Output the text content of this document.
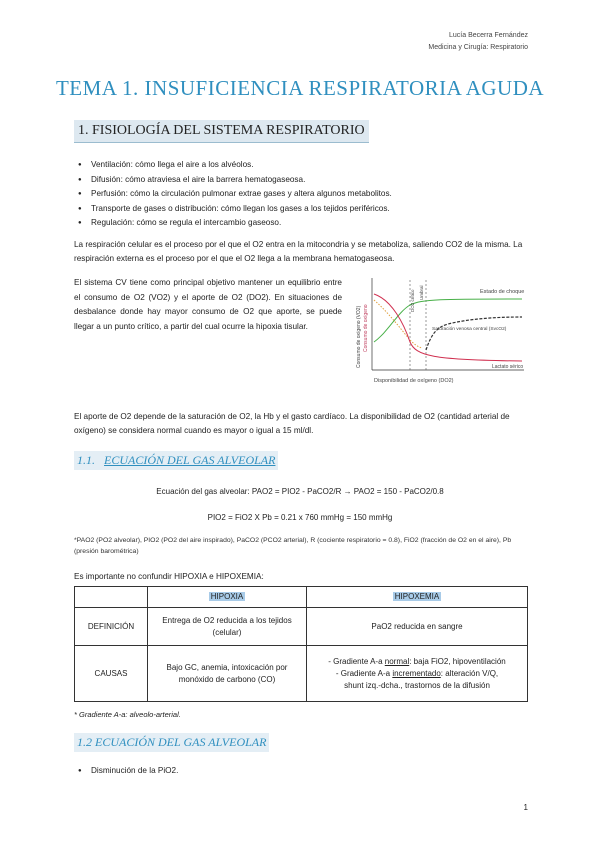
Lucía Becerra Fernández
Medicina y Cirugía: Respiratorio
TEMA 1. INSUFICIENCIA RESPIRATORIA AGUDA
1. FISIOLOGÍA DEL SISTEMA RESPIRATORIO
● Ventilación: cómo llega el aire a los alvéolos.
● Difusión: cómo atraviesa el aire la barrera hematogaseosa.
● Perfusión: cómo la circulación pulmonar extrae gases y altera algunos metabolitos.
● Transporte de gases o distribución: cómo llegan los gases a los tejidos periféricos.
● Regulación: cómo se regula el intercambio gaseoso.
La respiración celular es el proceso por el que el O2 entra en la mitocondria y se metaboliza, saliendo CO2 de la misma. La respiración externa es el proceso por el que el O2 llega a la membrana hematogaseosa.
El sistema CV tiene como principal objetivo mantener un equilibrio entre el consumo de O2 (VO2) y el aporte de O2 (DO2). En situaciones de desbalance donde hay mayor consumo de O2 que aporte, se puede llegar a un punto crítico, a partir del cual ocurre la hipoxia tisular.
Estado de choque
Saturación venosa central (SvcO2)
Lactato sérico
Disponibilidad de oxígeno (DO2)
Consumo de oxígeno (VO2) Consumo de oxígeno
DO2 crítico Umbral
El aporte de O2 depende de la saturación de O2, la Hb y el gasto cardíaco. La disponibilidad de O2 (cantidad arterial de oxígeno) se considera normal cuando es mayor o igual a 15 ml/dl.
1.1. ECUACIÓN DEL GAS ALVEOLAR
Ecuación del gas alveolar: PAO2 = PIO2 - PaCO2/R → PAO2 = 150 - PaCO2/0.8
PIO2 = FiO2 X Pb = 0.21 x 760 mmHg = 150 mmHg
*PAO2 (PO2 alveolar), PIO2 (PO2 del aire inspirado), PaCO2 (PCO2 arterial), R (cociente respiratorio = 0.8), FiO2 (fracción de O2 en el aire), Pb (presión barométrica)
Es importante no confundir HIPOXIA e HIPOXEMIA:
	HIPOXIA	HIPOXEMIA
DEFINICIÓN	Entrega de O2 reducida a los tejidos (celular)	PaO2 reducida en sangre
CAUSAS	Bajo GC, anemia, intoxicación por monóxido de carbono (CO)	- Gradiente A-a normal: baja FiO2, hipoventilación
- Gradiente A-a incrementado: alteración V/Q,
shunt izq.-dcha., trastornos de la difusión
* Gradiente A-a: alveolo-arterial.
1.2 ECUACIÓN DEL GAS ALVEOLAR
● Disminución de la PiO2.
1
